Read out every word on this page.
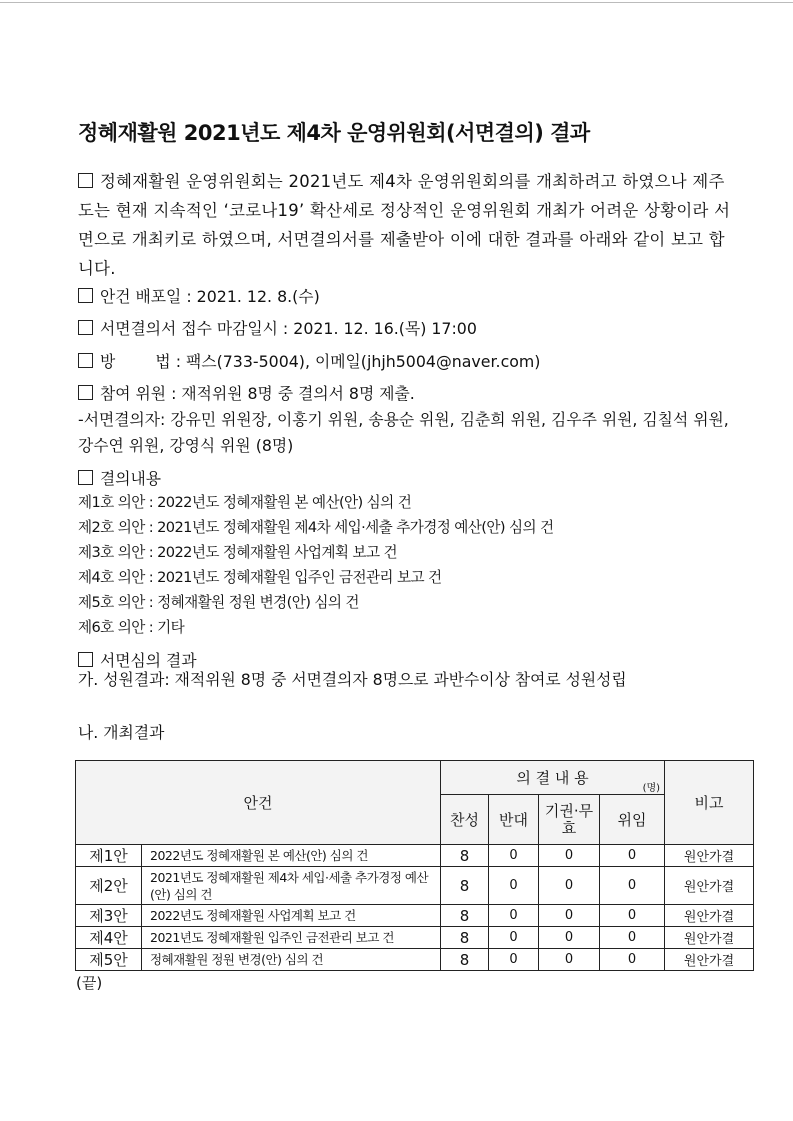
정혜재활원 2021년도 제4차 운영위원회(서면결의) 결과
정혜재활원 운영위원회는 2021년도 제4차 운영위원회의를 개최하려고 하였으나 제주도는 현재 지속적인 ‘코로나19’ 확산세로 정상적인 운영위원회 개최가 어려운 상황이라 서면으로 개최키로 하였으며, 서면결의서를 제출받아 이에 대한 결과를 아래와 같이 보고 합니다.
안건 배포일 : 2021. 12. 8.(수)
서면결의서 접수 마감일시 : 2021. 12. 16.(목) 17:00
방        법 : 팩스(733-5004), 이메일(jhjh5004@naver.com)
참여 위원 : 재적위원 8명 중 결의서 8명 제출.
-서면결의자: 강유민 위원장, 이홍기 위원, 송용순 위원, 김춘희 위원, 김우주 위원, 김칠석 위원, 강수연 위원, 강영식 위원 (8명)
결의내용
제1호 의안 : 2022년도 정혜재활원 본 예산(안) 심의 건
제2호 의안 : 2021년도 정혜재활원 제4차 세입·세출 추가경정 예산(안) 심의 건
제3호 의안 : 2022년도 정혜재활원 사업계획 보고 건
제4호 의안 : 2021년도 정혜재활원 입주인 금전관리 보고 건
제5호 의안 : 정혜재활원 정원 변경(안) 심의 건
제6호 의안 : 기타
서면심의 결과
가. 성원결과: 재적위원 8명 중 서면결의자 8명으로 과반수이상 참여로 성원성립
나. 개최결과
안건		의 결 내 용
(명)				비고
		찬성	반대	기권·무효	위임	
제1안	2022년도 정혜재활원 본 예산(안) 심의 건	8	0	0	0	원안가결
제2안	2021년도 정혜재활원 제4차 세입·세출 추가경정 예산(안) 심의 건	8	0	0	0	원안가결
제3안	2022년도 정혜재활원 사업계획 보고 건	8	0	0	0	원안가결
제4안	2021년도 정혜재활원 입주인 금전관리 보고 건	8	0	0	0	원안가결
제5안	정혜재활원 정원 변경(안) 심의 건	8	0	0	0	원안가결
(끝)
